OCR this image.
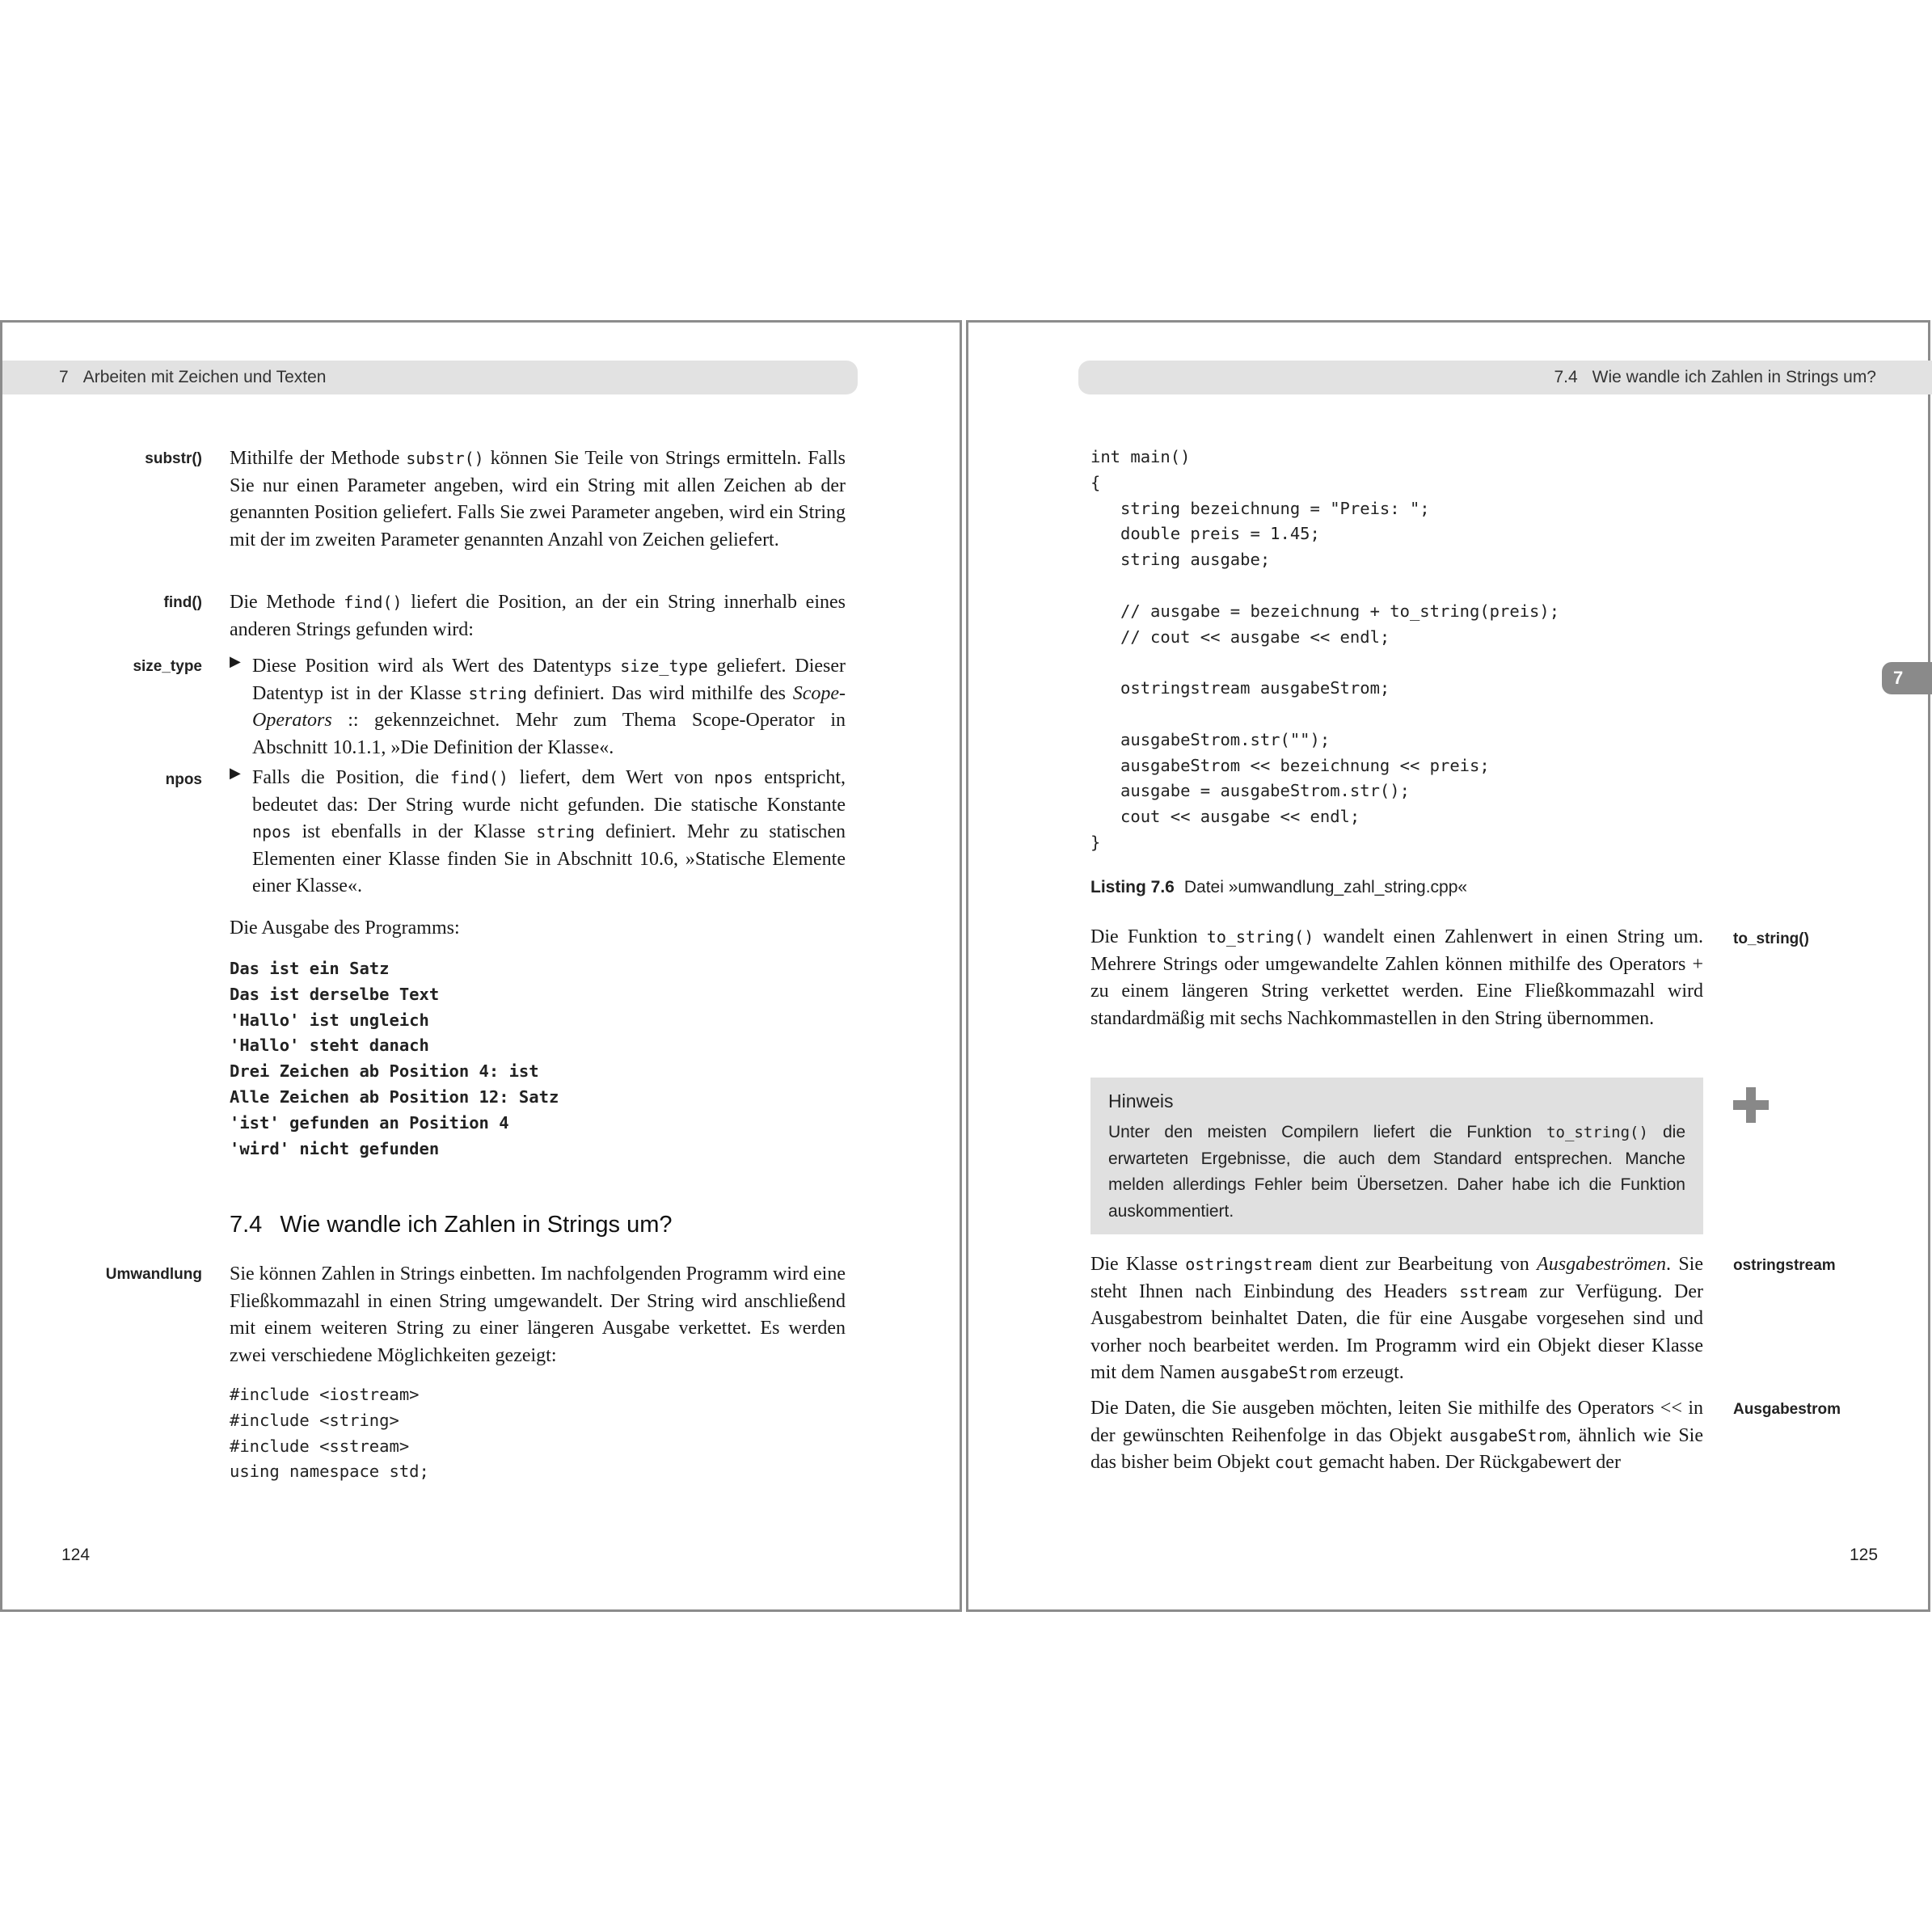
7 Arbeiten mit Zeichen und Texten
substr() Mithilfe der Methode substr() können Sie Teile von Strings ermitteln. Falls Sie nur einen Parameter angeben, wird ein String mit allen Zeichen ab der genannten Position geliefert. Falls Sie zwei Parameter angeben, wird ein String mit der im zweiten Parameter genannten Anzahl von Zeichen geliefert.

find() Die Methode find() liefert die Position, an der ein String innerhalb eines anderen Strings gefunden wird:

size_type ▶ Diese Position wird als Wert des Datentyps size_type geliefert. Dieser Datentyp ist in der Klasse string definiert. Das wird mithilfe des Scope-Operators :: gekennzeichnet. Mehr zum Thema Scope-Operator in Abschnitt 10.1.1, »Die Definition der Klasse«.

npos ▶ Falls die Position, die find() liefert, dem Wert von npos entspricht, bedeutet das: Der String wurde nicht gefunden. Die statische Konstante npos ist ebenfalls in der Klasse string definiert. Mehr zu statischen Elementen einer Klasse finden Sie in Abschnitt 10.6, »Statische Elemente einer Klasse«.

Die Ausgabe des Programms:

Das ist ein Satz
Das ist derselbe Text
'Hallo' ist ungleich
'Hallo' steht danach
Drei Zeichen ab Position 4: ist
Alle Zeichen ab Position 12: Satz
'ist' gefunden an Position 4
'wird' nicht gefunden
7.4 Wie wandle ich Zahlen in Strings um?
Umwandlung Sie können Zahlen in Strings einbetten. Im nachfolgenden Programm wird eine Fließkommazahl in einen String umgewandelt. Der String wird anschließend mit einem weiteren String zu einer längeren Ausgabe verkettet. Es werden zwei verschiedene Möglichkeiten gezeigt:

#include <iostream>
#include <string>
#include <sstream>
using namespace std;
124
7.4 Wie wandle ich Zahlen in Strings um?
7
int main()
{
string bezeichnung = "Preis: ";
double preis = 1.45;
string ausgabe;

// ausgabe = bezeichnung + to_string(preis);
// cout << ausgabe << endl;

ostringstream ausgabeStrom;

ausgabeStrom.str("");
ausgabeStrom << bezeichnung << preis;
ausgabe = ausgabeStrom.str();
cout << ausgabe << endl;
}
Listing 7.6 Datei »umwandlung_zahl_string.cpp«

Die Funktion to_string() wandelt einen Zahlenwert in einen String um. Mehrere Strings oder umgewandelte Zahlen können mithilfe des Operators + zu einem längeren String verkettet werden. Eine Fließkommazahl wird standardmäßig mit sechs Nachkommastellen in den String übernommen.

to_string()
Hinweis

Unter den meisten Compilern liefert die Funktion to_string() die erwarteten Ergebnisse, die auch dem Standard entsprechen. Manche melden allerdings Fehler beim Übersetzen. Daher habe ich die Funktion auskommentiert.

Die Klasse ostringstream dient zur Bearbeitung von Ausgabeströmen. Sie steht Ihnen nach Einbindung des Headers sstream zur Verfügung. Der Ausgabestrom beinhaltet Daten, die für eine Ausgabe vorgesehen sind und vorher noch bearbeitet werden. Im Programm wird ein Objekt dieser Klasse mit dem Namen ausgabeStrom erzeugt.

ostringstream

Die Daten, die Sie ausgeben möchten, leiten Sie mithilfe des Operators << in der gewünschten Reihenfolge in das Objekt ausgabeStrom, ähnlich wie Sie das bisher beim Objekt cout gemacht haben. Der Rückgabewert der

Ausgabestrom
125
